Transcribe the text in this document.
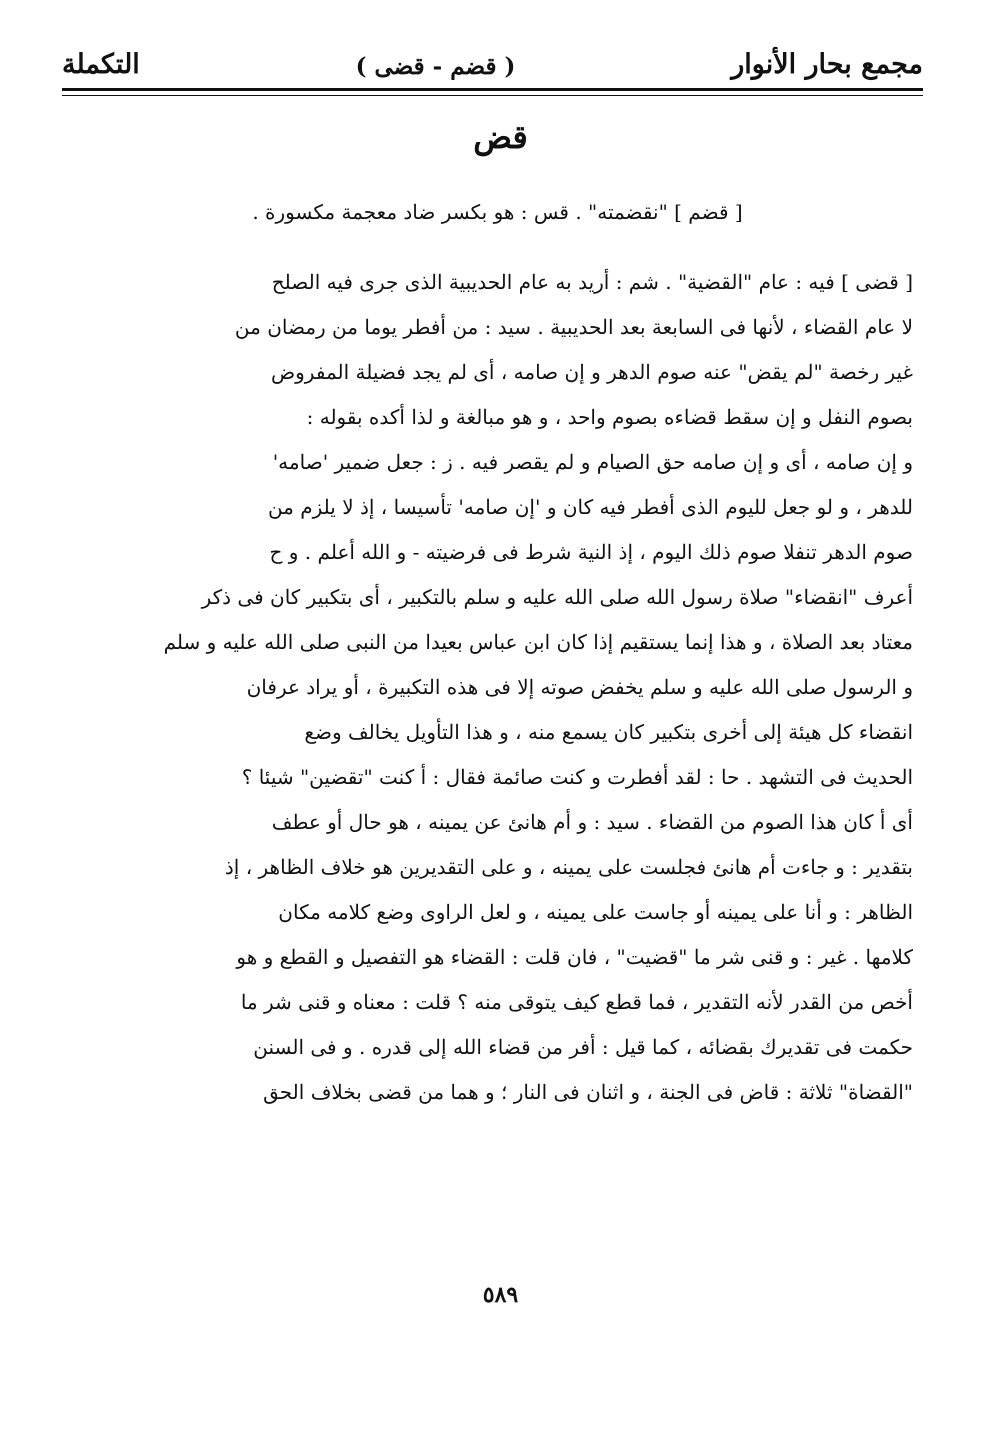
مجمع بحار الأنوار
( قضم - قضى )
التكملة
قض
[ قضم ] "نقضمته" . قس : هو بكسر ضاد معجمة مكسورة .
[ قضى ] فيه : عام "القضية" . شم : أريد به عام الحديبية الذى جرى فيه الصلح
لا عام القضاء ، لأنها فى السابعة بعد الحديبية . سيد : من أفطر يوما من رمضان من
غير رخصة "لم يقض" عنه صوم الدهر و إن صامه ، أى لم يجد فضيلة المفروض
بصوم النفل و إن سقط قضاءه بصوم واحد ، و هو مبالغة و لذا أكده بقوله :
و إن صامه ، أى و إن صامه حق الصيام و لم يقصر فيه . ز : جعل ضمير 'صامه'
للدهر ، و لو جعل لليوم الذى أفطر فيه كان و 'إن صامه' تأسيسا ، إذ لا يلزم من
صوم الدهر تنفلا صوم ذلك اليوم ، إذ النية شرط فى فرضيته - و الله أعلم . و ح
أعرف "انقضاء" صلاة رسول الله صلى الله عليه و سلم بالتكبير ، أى بتكبير كان فى ذكر
معتاد بعد الصلاة ، و هذا إنما يستقيم إذا كان ابن عباس بعيدا من النبى صلى الله عليه و سلم
و الرسول صلى الله عليه و سلم يخفض صوته إلا فى هذه التكبيرة ، أو يراد عرفان
انقضاء كل هيئة إلى أخرى بتكبير كان يسمع منه ، و هذا التأويل يخالف وضع
الحديث فى التشهد . حا : لقد أفطرت و كنت صائمة فقال : أ كنت "تقضين" شيئا ؟
أى أ كان هذا الصوم من القضاء . سيد : و أم هانئ عن يمينه ، هو حال أو عطف
بتقدير : و جاءت أم هانئ فجلست على يمينه ، و على التقديرين هو خلاف الظاهر ، إذ
الظاهر : و أنا على يمينه أو جاست على يمينه ، و لعل الراوى وضع كلامه مكان
كلامها . غير : و قنى شر ما "قضيت" ، فان قلت : القضاء هو التفصيل و القطع و هو
أخص من القدر لأنه التقدير ، فما قطع كيف يتوقى منه ؟ قلت : معناه و قنى شر ما
حكمت فى تقديرك بقضائه ، كما قيل : أفر من قضاء الله إلى قدره . و فى السنن
"القضاة" ثلاثة : قاض فى الجنة ، و اثنان فى النار ؛ و هما من قضى بخلاف الحق
٥٨٩
